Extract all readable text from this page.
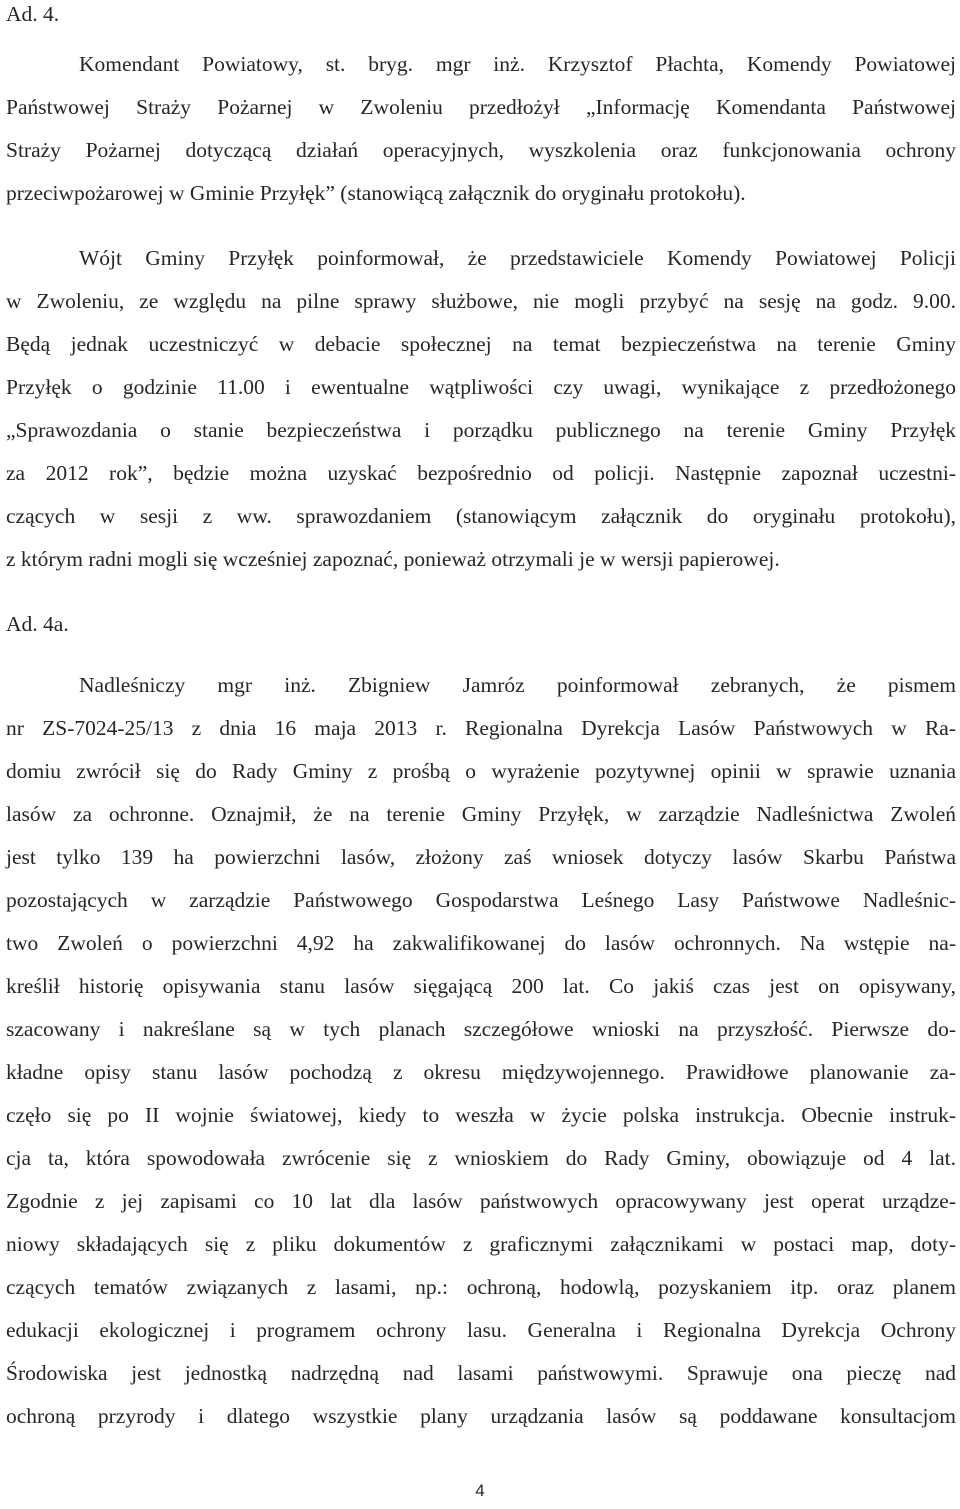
Ad. 4.
Komendant Powiatowy, st. bryg. mgr inż. Krzysztof Płachta, Komendy Powiatowej
Państwowej Straży Pożarnej w Zwoleniu przedłożył „Informację Komendanta Państwowej
Straży Pożarnej dotyczącą działań operacyjnych, wyszkolenia oraz funkcjonowania ochrony
przeciwpożarowej w Gminie Przyłęk” (stanowiącą załącznik do oryginału protokołu).
Wójt Gminy Przyłęk poinformował, że przedstawiciele Komendy Powiatowej Policji
w Zwoleniu, ze względu na pilne sprawy służbowe, nie mogli przybyć na sesję na godz. 9.00.
Będą jednak uczestniczyć w debacie społecznej na temat bezpieczeństwa na terenie Gminy
Przyłęk o godzinie 11.00 i ewentualne wątpliwości czy uwagi, wynikające z przedłożonego
„Sprawozdania o stanie bezpieczeństwa i porządku publicznego na terenie Gminy Przyłęk
za 2012 rok”, będzie można uzyskać bezpośrednio od policji. Następnie zapoznał uczestni-
czących w sesji z ww. sprawozdaniem (stanowiącym załącznik do oryginału protokołu),
z którym radni mogli się wcześniej zapoznać, ponieważ otrzymali je w wersji papierowej.
Ad. 4a.
Nadleśniczy mgr inż. Zbigniew Jamróz poinformował zebranych, że pismem
nr ZS-7024-25/13 z dnia 16 maja 2013 r. Regionalna Dyrekcja Lasów Państwowych w Ra-
domiu zwrócił się do Rady Gminy z prośbą o wyrażenie pozytywnej opinii w sprawie uznania
lasów za ochronne. Oznajmił, że na terenie Gminy Przyłęk, w zarządzie Nadleśnictwa Zwoleń
jest tylko 139 ha powierzchni lasów, złożony zaś wniosek dotyczy lasów Skarbu Państwa
pozostających w zarządzie Państwowego Gospodarstwa Leśnego Lasy Państwowe Nadleśnic-
two Zwoleń o powierzchni 4,92 ha zakwalifikowanej do lasów ochronnych. Na wstępie na-
kreślił historię opisywania stanu lasów sięgającą 200 lat. Co jakiś czas jest on opisywany,
szacowany i nakreślane są w tych planach szczegółowe wnioski na przyszłość. Pierwsze do-
kładne opisy stanu lasów pochodzą z okresu międzywojennego. Prawidłowe planowanie za-
częło się po II wojnie światowej, kiedy to weszła w życie polska instrukcja. Obecnie instruk-
cja ta, która spowodowała zwrócenie się z wnioskiem do Rady Gminy, obowiązuje od 4 lat.
Zgodnie z jej zapisami co 10 lat dla lasów państwowych opracowywany jest operat urządze-
niowy składających się z pliku dokumentów z graficznymi załącznikami w postaci map, doty-
czących tematów związanych z lasami, np.: ochroną, hodowlą, pozyskaniem itp. oraz planem
edukacji ekologicznej i programem ochrony lasu. Generalna i Regionalna Dyrekcja Ochrony
Środowiska jest jednostką nadrzędną nad lasami państwowymi. Sprawuje ona pieczę nad
ochroną przyrody i dlatego wszystkie plany urządzania lasów są poddawane konsultacjom
4
